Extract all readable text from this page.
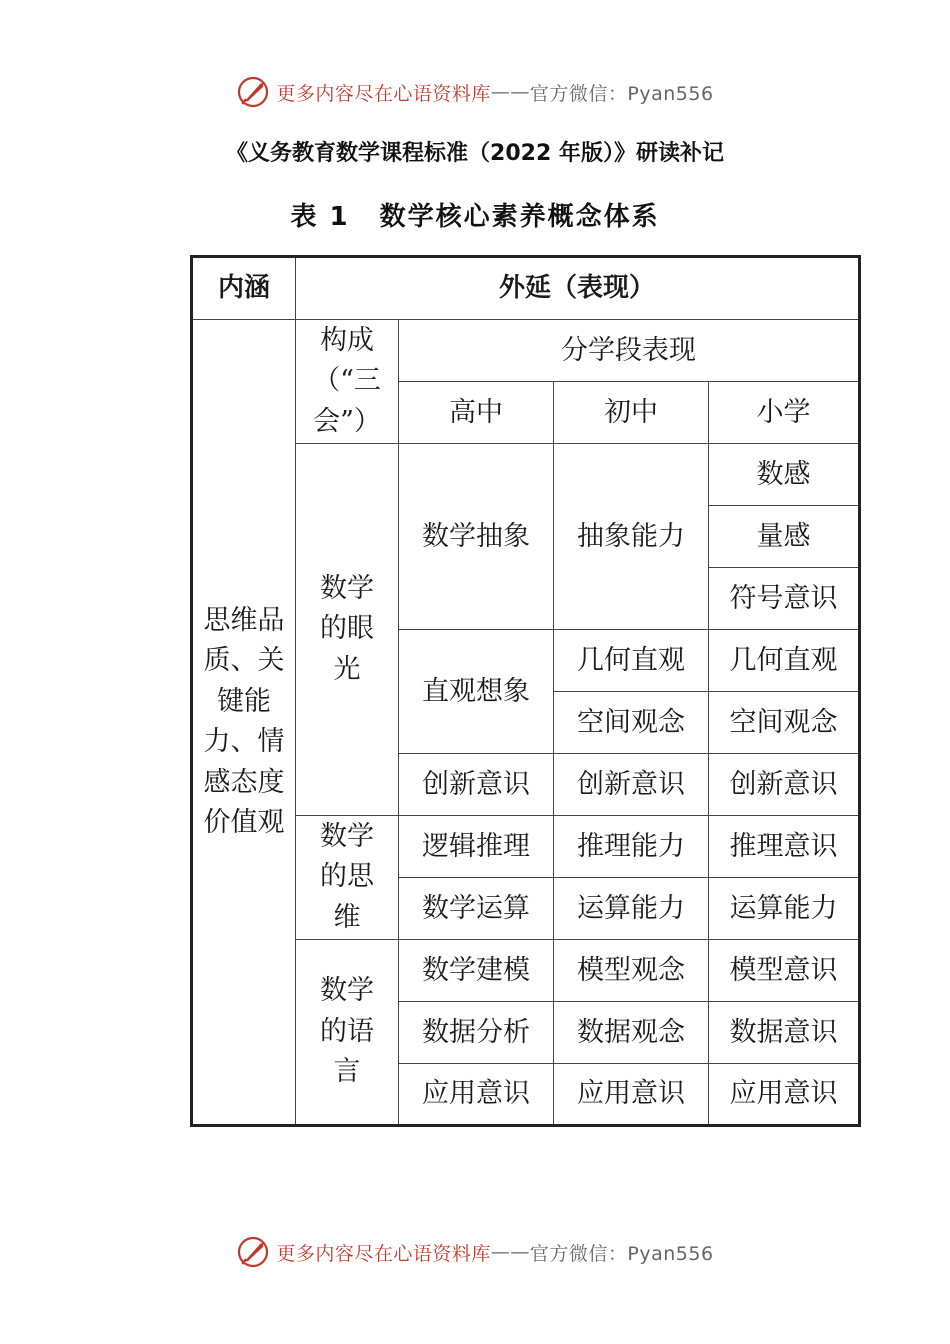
更多内容尽在心语资料库 —— 官方微信：Pyan556
《义务教育数学课程标准（2022 年版）》研读补记
表 1 数学核心素养概念体系
内涵	外延（表现）			
思维品质、关键能力、情感态度价值观	构成（“三会”）	分学段表现		
		高中	初中	小学
	数学的眼光	数学抽象	抽象能力	数感
				量感
				符号意识
		直观想象	几何直观	几何直观
			空间观念	空间观念
		创新意识	创新意识	创新意识
	数学的思维	逻辑推理	推理能力	推理意识
		数学运算	运算能力	运算能力
	数学的语言	数学建模	模型观念	模型意识
		数据分析	数据观念	数据意识
		应用意识	应用意识	应用意识
更多内容尽在心语资料库 —— 官方微信：Pyan556
